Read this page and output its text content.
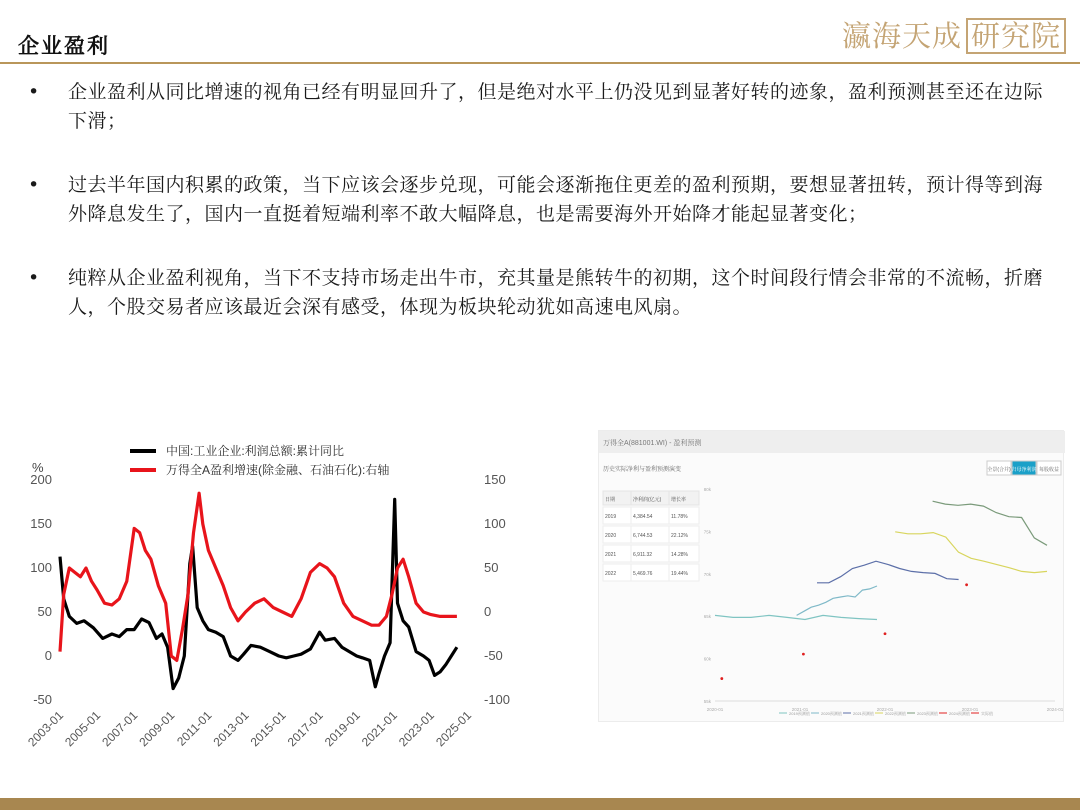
企业盈利	瀛海天成 研究院
• 企业盈利从同比增速的视角已经有明显回升了，但是绝对水平上仍没见到显著好转的迹象，盈利预测甚至还在边际下滑；
• 过去半年国内积累的政策，当下应该会逐步兑现，可能会逐渐拖住更差的盈利预期，要想显著扭转，预计得等到海外降息发生了，国内一直挺着短端利率不敢大幅降息，也是需要海外开始降才能起显著变化；
• 纯粹从企业盈利视角，当下不支持市场走出牛市，充其量是熊转牛的初期，这个时间段行情会非常的不流畅，折磨人，个股交易者应该最近会深有感受，体现为板块轮动犹如高速电风扇。
%
200
150
100
50
0
-50
150
100
50
0
-50
-100
2003-01
2005-01
2007-01
2009-01
2011-01
2013-01
2015-01
2017-01
2019-01
2021-01
2023-01
2025-01
中国:工业企业:利润总额:累计同比
万得全A盈利增速(除金融、石油石化):右轴
万得全A(881001.WI) - 盈利预测
历史实际净利与盈利预测演变	全景(合并) 归母净利润 每股收益
日期	净利润(亿元) 增长率
2019	4,384.54	11.78%
2020	6,744.53	22.12%
2021	6,911.32	14.28%
2022	5,469.76	19.44%
80k
75k
70k
65k
60k
55k
2020-01	2021-01	2022-01	2023-01	2024-01
2019预测值	2020预测值	2021预测值	2022预测值	2023预测值	2024预测值	实际值
